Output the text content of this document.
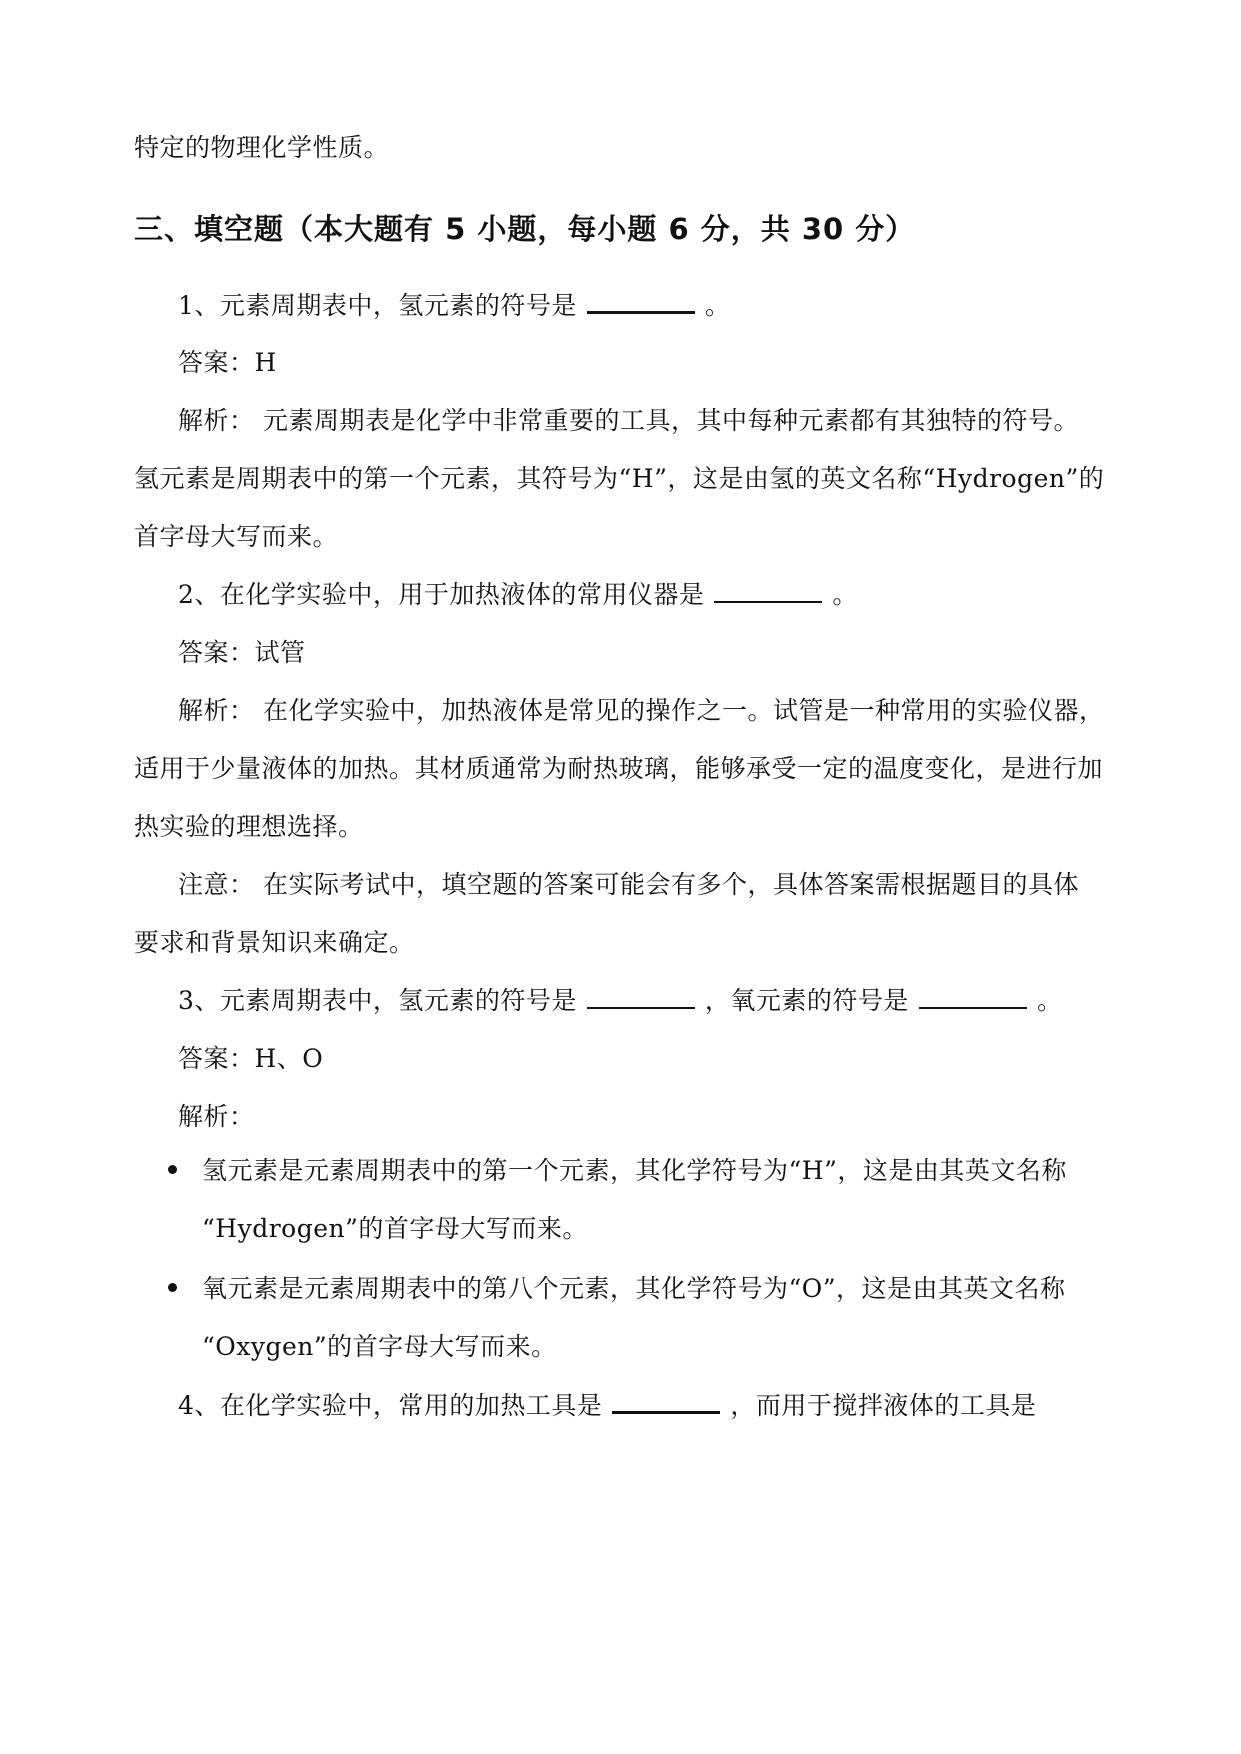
特定的物理化学性质。
三、填空题（本大题有 5 小题，每小题 6 分，共 30 分）
1、元素周期表中，氢元素的符号是	。
答案：H
解析： 元素周期表是化学中非常重要的工具，其中每种元素都有其独特的符号。
氢元素是周期表中的第一个元素，其符号为“H”，这是由氢的英文名称“Hydrogen”的
首字母大写而来。
2、在化学实验中，用于加热液体的常用仪器是	。
答案：试管
解析： 在化学实验中，加热液体是常见的操作之一。试管是一种常用的实验仪器，
适用于少量液体的加热。其材质通常为耐热玻璃，能够承受一定的温度变化，是进行加
热实验的理想选择。
注意： 在实际考试中，填空题的答案可能会有多个，具体答案需根据题目的具体
要求和背景知识来确定。
3、元素周期表中，氢元素的符号是	，氧元素的符号是	。
答案：H、O
解析：
氢元素是元素周期表中的第一个元素，其化学符号为“H”，这是由其英文名称
“Hydrogen”的首字母大写而来。
氧元素是元素周期表中的第八个元素，其化学符号为“O”，这是由其英文名称
“Oxygen”的首字母大写而来。
4、在化学实验中，常用的加热工具是	，而用于搅拌液体的工具是
